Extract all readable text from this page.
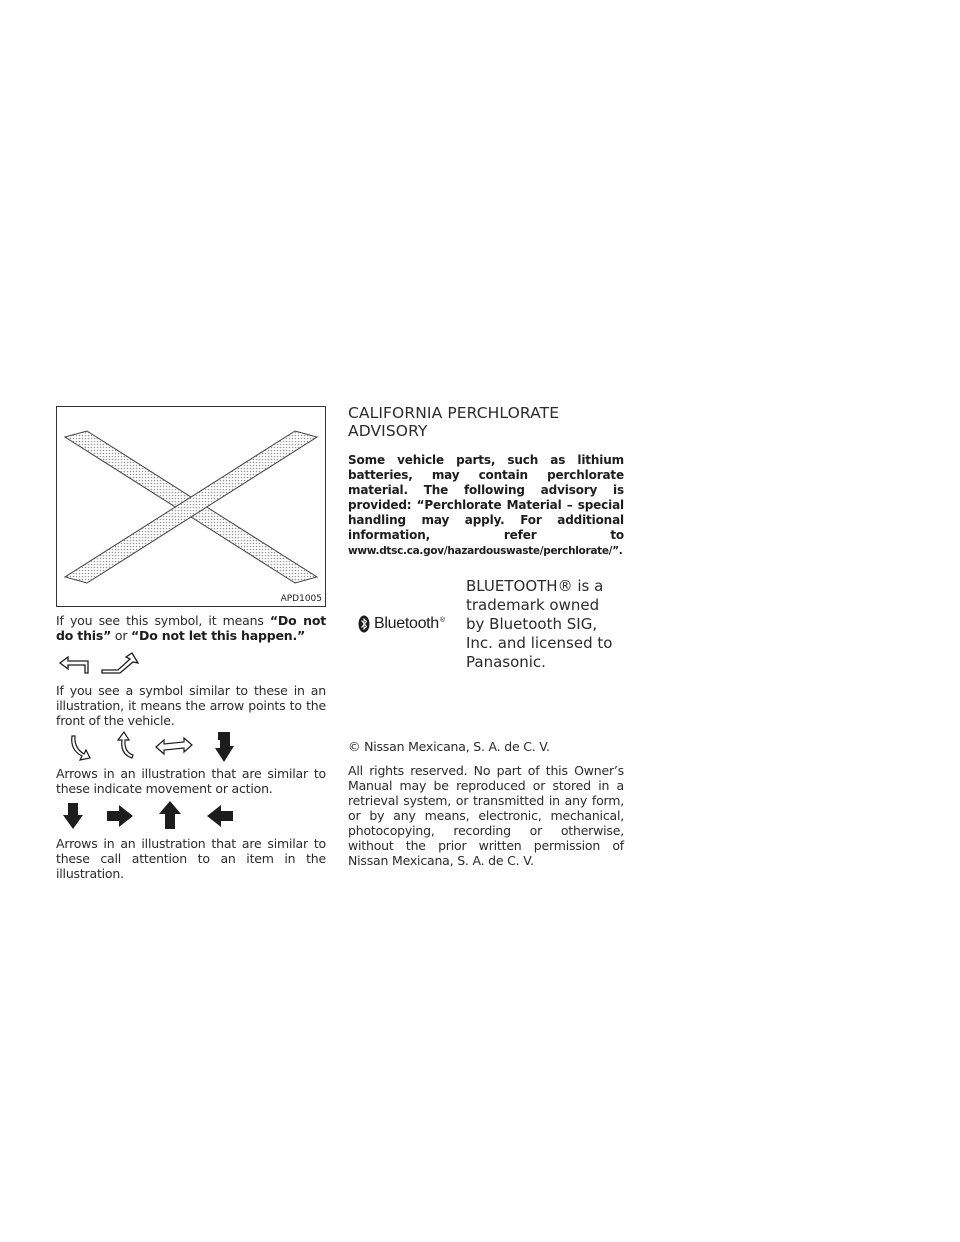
APD1005

If you see this symbol, it means “Do not do this” or “Do not let this happen.”

If you see a symbol similar to these in an illustration, it means the arrow points to the front of the vehicle.

Arrows in an illustration that are similar to these indicate movement or action.

Arrows in an illustration that are similar to these call attention to an item in the illustration.

CALIFORNIA PERCHLORATE ADVISORY

Some vehicle parts, such as lithium batteries, may contain perchlorate material. The following advisory is provided: “Perchlorate Material – special handling may apply. For additional information, refer to www.dtsc.ca.gov/hazardouswaste/perchlorate/”.

Bluetooth®
BLUETOOTH® is a trademark owned by Bluetooth SIG, Inc. and licensed to Panasonic.

© Nissan Mexicana, S. A. de C. V.

All rights reserved. No part of this Owner’s Manual may be reproduced or stored in a retrieval system, or transmitted in any form, or by any means, electronic, mechanical, photocopying, recording or otherwise, without the prior written permission of Nissan Mexicana, S. A. de C. V.
